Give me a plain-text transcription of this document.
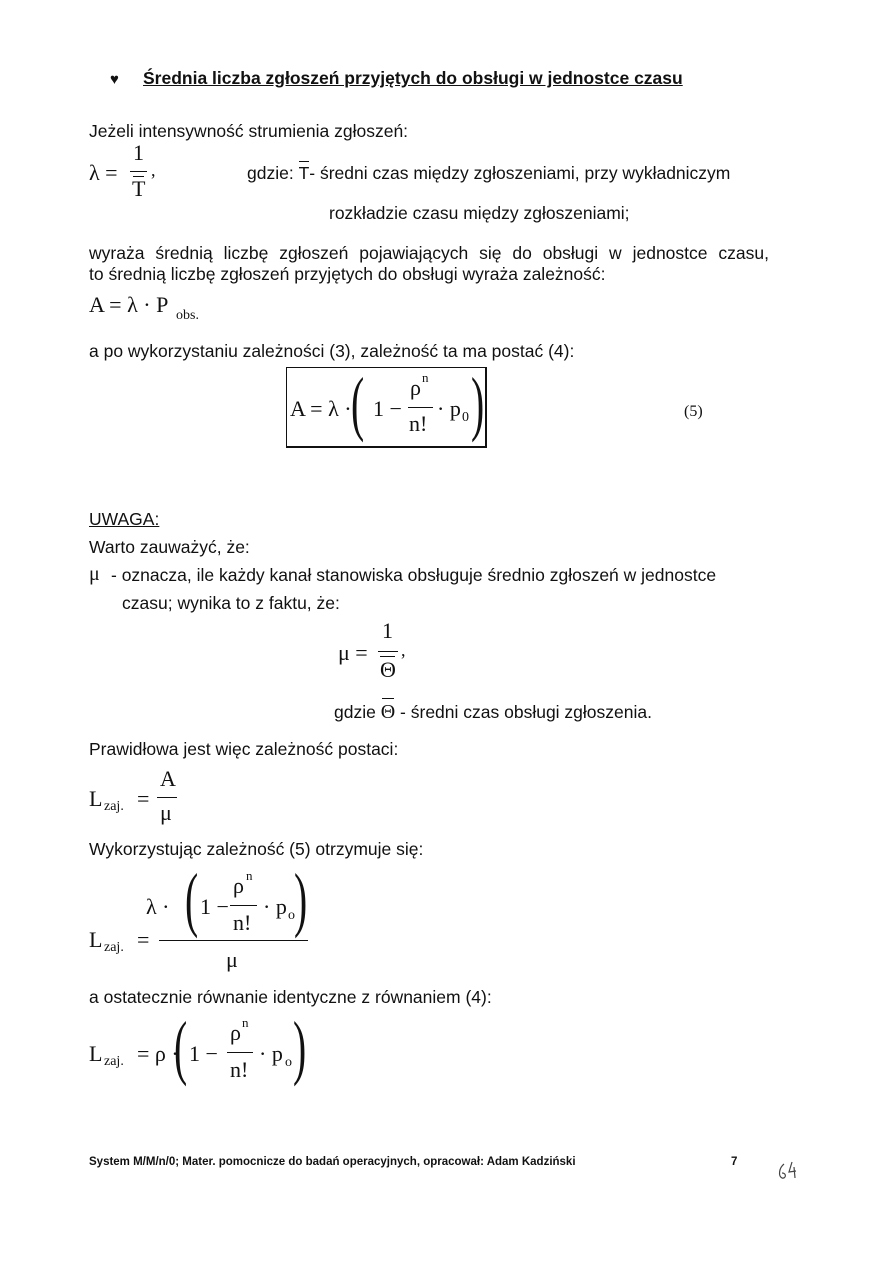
♥ Średnia liczba zgłoszeń przyjętych do obsługi w jednostce czasu
Jeżeli intensywność strumienia zgłoszeń:
λ =
1
T
,	gdzie: T
- średni czas między zgłoszeniami, przy wykładniczym
rozkładzie czasu między zgłoszeniami;
wyraża średnią liczbę zgłoszeń pojawiających się do obsługi w jednostce czasu,
to średnią liczbę zgłoszeń przyjętych do obsługi wyraża zależność:
A = λ · P obs.
a po wykorzystaniu zależności (3), zależność ta ma postać (4):
A = λ · ( 1 −
ρ n
n!
· p 0 )	(5)
UWAGA:
Warto zauważyć, że:
μ - oznacza, ile każdy kanał stanowiska obsługuje średnio zgłoszeń w jednostce
czasu; wynika to z faktu, że:
μ =
1
Θ
,
gdzie Θ - średni czas obsługi zgłoszenia.
Prawidłowa jest więc zależność postaci:
L zaj. =
A
μ
Wykorzystując zależność (5) otrzymuje się:
L zaj. =
λ · ( 1 −
ρ n
n!
· p o )
μ
a ostatecznie równanie identyczne z równaniem (4):
L zaj. = ρ ·
( 1 −
ρ n
n!
· p o )
System M/M/n/0; Mater. pomocnicze do badań operacyjnych, opracował: Adam Kadziński	7
